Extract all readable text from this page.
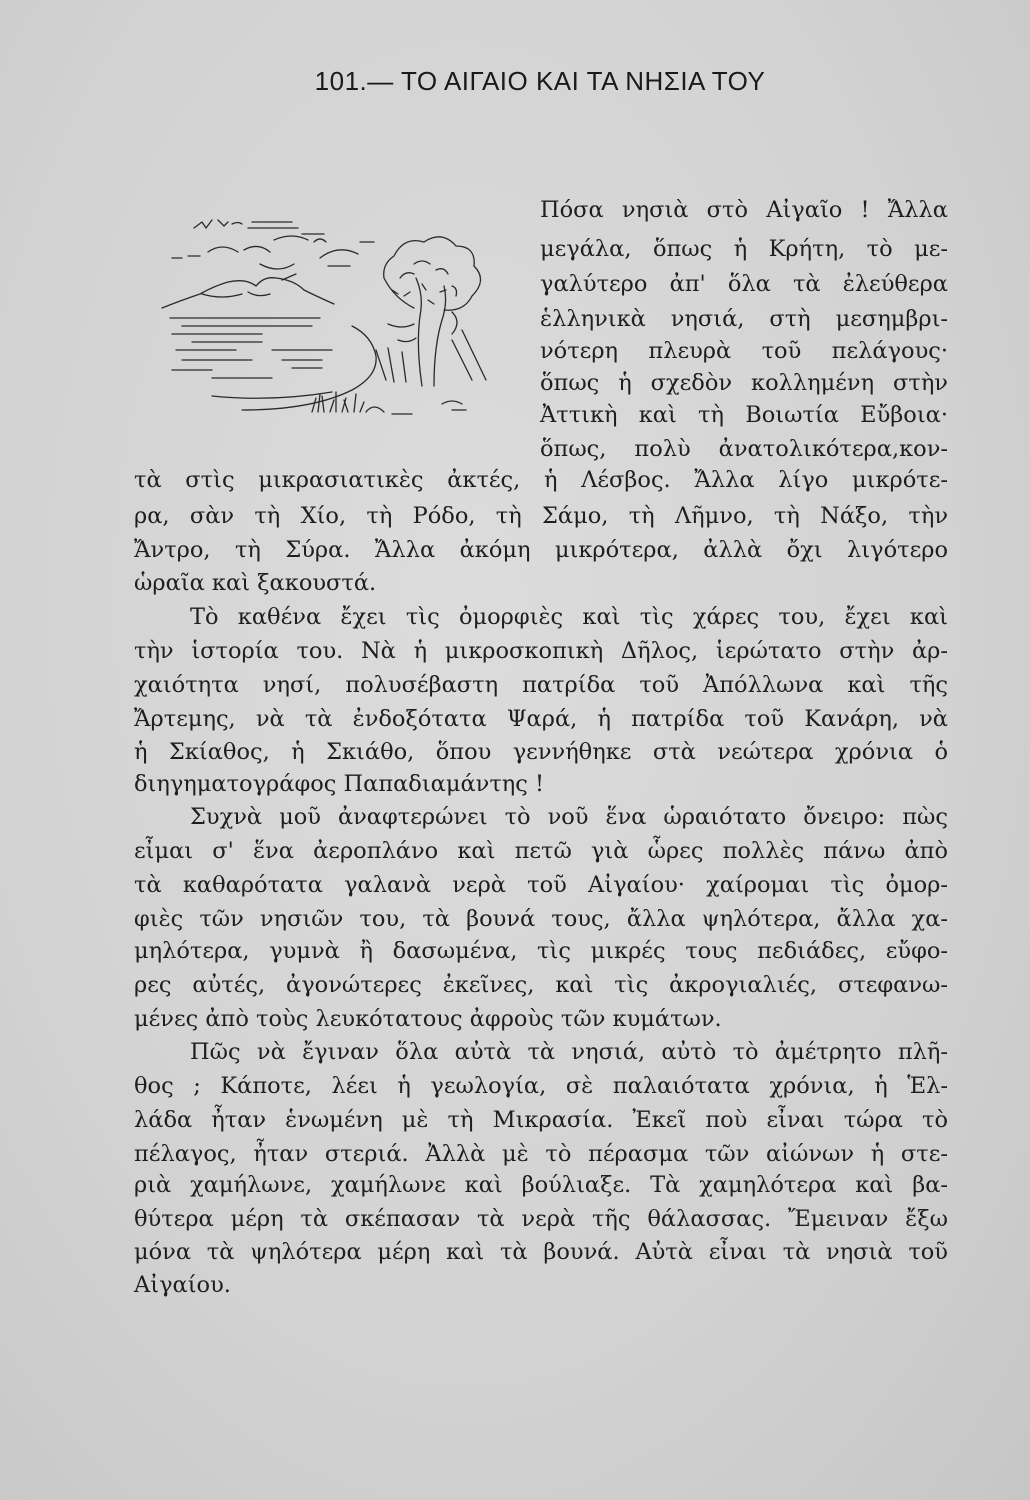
101.— ΤΟ ΑΙΓΑΙΟ ΚΑΙ ΤΑ ΝΗΣΙΑ ΤΟΥ
Πόσα νησιὰ στὸ Αἰγαῖο ! Ἄλλα
μεγάλα, ὅπως ἡ Κρήτη, τὸ με-
γαλύτερο ἀπ' ὅλα τὰ ἐλεύθερα
ἑλληνικὰ νησιά, στὴ μεσημβρι-
νότερη πλευρὰ τοῦ πελάγους·
ὅπως ἡ σχεδὸν κολλημένη στὴν
Ἀττικὴ καὶ τὴ Βοιωτία Εὔβοια·
ὅπως, πολὺ ἀνατολικότερα,κον-
τὰ στὶς μικρασιατικὲς ἀκτές, ἡ Λέσβος. Ἄλλα λίγο μικρότε-
ρα, σὰν τὴ Χίο, τὴ Ρόδο, τὴ Σάμο, τὴ Λῆμνο, τὴ Νάξο, τὴν
Ἄντρο, τὴ Σύρα. Ἄλλα ἀκόμη μικρότερα, ἀλλὰ ὄχι λιγότερο
ὡραῖα καὶ ξακουστά.
Τὸ καθένα ἔχει τὶς ὀμορφιὲς καὶ τὶς χάρες του, ἔχει καὶ
τὴν ἱστορία του. Νὰ ἡ μικροσκοπικὴ Δῆλος, ἱερώτατο στὴν ἀρ-
χαιότητα νησί, πολυσέβαστη πατρίδα τοῦ Ἀπόλλωνα καὶ τῆς
Ἄρτεμης, νὰ τὰ ἐνδοξότατα Ψαρά, ἡ πατρίδα τοῦ Κανάρη, νὰ
ἡ Σκίαθος, ἡ Σκιάθο, ὅπου γεννήθηκε στὰ νεώτερα χρόνια ὁ
διηγηματογράφος Παπαδιαμάντης !
Συχνὰ μοῦ ἀναφτερώνει τὸ νοῦ ἕνα ὡραιότατο ὄνειρο: πὼς
εἶμαι σ' ἕνα ἀεροπλάνο καὶ πετῶ γιὰ ὧρες πολλὲς πάνω ἀπὸ
τὰ καθαρότατα γαλανὰ νερὰ τοῦ Αἰγαίου· χαίρομαι τὶς ὀμορ-
φιὲς τῶν νησιῶν του, τὰ βουνά τους, ἄλλα ψηλότερα, ἄλλα χα-
μηλότερα, γυμνὰ ἢ δασωμένα, τὶς μικρές τους πεδιάδες, εὔφο-
ρες αὐτές, ἀγονώτερες ἐκεῖνες, καὶ τὶς ἀκρογιαλιές, στεφανω-
μένες ἀπὸ τοὺς λευκότατους ἀφροὺς τῶν κυμάτων.
Πῶς νὰ ἔγιναν ὅλα αὐτὰ τὰ νησιά, αὐτὸ τὸ ἀμέτρητο πλῆ-
θος ; Κάποτε, λέει ἡ γεωλογία, σὲ παλαιότατα χρόνια, ἡ Ἑλ-
λάδα ἦταν ἑνωμένη μὲ τὴ Μικρασία. Ἐκεῖ ποὺ εἶναι τώρα τὸ
πέλαγος, ἦταν στεριά. Ἀλλὰ μὲ τὸ πέρασμα τῶν αἰώνων ἡ στε-
ριὰ χαμήλωνε, χαμήλωνε καὶ βούλιαξε. Τὰ χαμηλότερα καὶ βα-
θύτερα μέρη τὰ σκέπασαν τὰ νερὰ τῆς θάλασσας. Ἔμειναν ἔξω
μόνα τὰ ψηλότερα μέρη καὶ τὰ βουνά. Αὐτὰ εἶναι τὰ νησιὰ τοῦ
Αἰγαίου.
